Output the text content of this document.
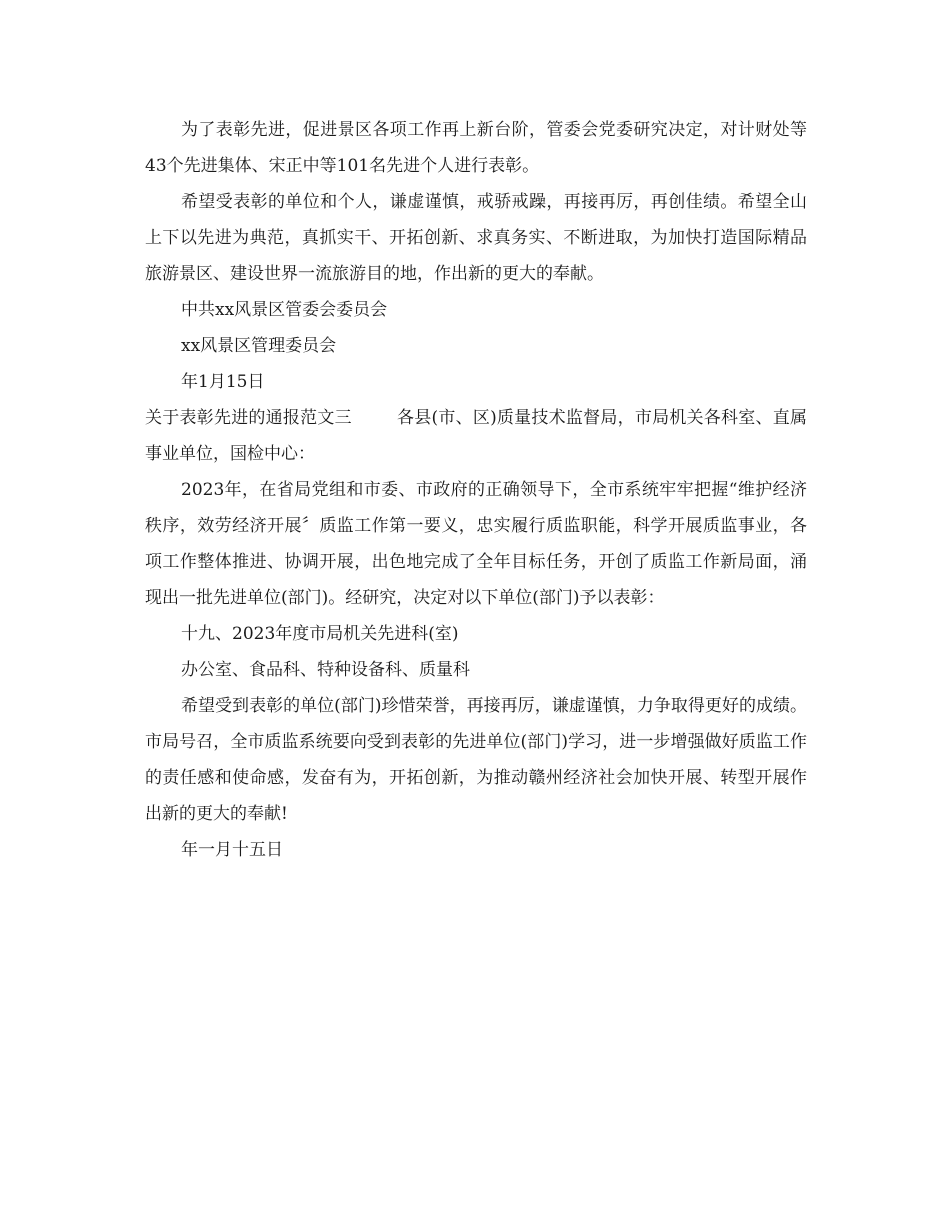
为了表彰先进，促进景区各项工作再上新台阶，管委会党委研究决定，对计财处等43个先进集体、宋正中等101名先进个人进行表彰。

希望受表彰的单位和个人，谦虚谨慎，戒骄戒躁，再接再厉，再创佳绩。希望全山上下以先进为典范，真抓实干、开拓创新、求真务实、不断进取，为加快打造国际精品旅游景区、建设世界一流旅游目的地，作出新的更大的奉献。

中共xx风景区管委会委员会

xx风景区管理委员会

年1月15日

关于表彰先进的通报范文三        各县(市、区)质量技术监督局，市局机关各科室、直属事业单位，国检中心：

2023年，在省局党组和市委、市政府的正确领导下，全市系统牢牢把握“维护经济秩序，效劳经济开展〞质监工作第一要义，忠实履行质监职能，科学开展质监事业，各项工作整体推进、协调开展，出色地完成了全年目标任务，开创了质监工作新局面，涌现出一批先进单位(部门)。经研究，决定对以下单位(部门)予以表彰：

十九、2023年度市局机关先进科(室)

办公室、食品科、特种设备科、质量科

希望受到表彰的单位(部门)珍惜荣誉，再接再厉，谦虚谨慎，力争取得更好的成绩。市局号召，全市质监系统要向受到表彰的先进单位(部门)学习，进一步增强做好质监工作的责任感和使命感，发奋有为，开拓创新，为推动赣州经济社会加快开展、转型开展作出新的更大的奉献!

年一月十五日
